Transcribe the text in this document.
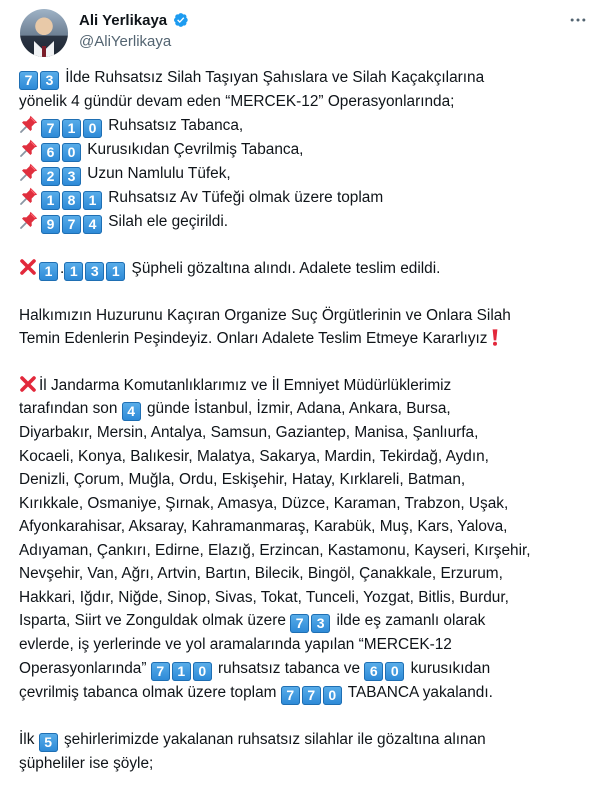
Ali Yerlikaya
@AliYerlikaya
7 3 İlde Ruhsatsız Silah Taşıyan Şahıslara ve Silah Kaçakçılarına
yönelik 4 gündür devam eden “MERCEK-12” Operasyonlarında;
7 1 0 Ruhsatsız Tabanca,
6 0 Kurusıkıdan Çevrilmiş Tabanca,
2 3 Uzun Namlulu Tüfek,
1 8 1 Ruhsatsız Av Tüfeği olmak üzere toplam
9 7 4 Silah ele geçirildi.

1 . 1 3 1 Şüpheli gözaltına alındı. Adalete teslim edildi.

Halkımızın Huzurunu Kaçıran Organize Suç Örgütlerinin ve Onlara Silah
Temin Edenlerin Peşindeyiz. Onları Adalete Teslim Etmeye Kararlıyız

İl Jandarma Komutanlıklarımız ve İl Emniyet Müdürlüklerimiz
tarafından son 4 günde İstanbul, İzmir, Adana, Ankara, Bursa,
Diyarbakır, Mersin, Antalya, Samsun, Gaziantep, Manisa, Şanlıurfa,
Kocaeli, Konya, Balıkesir, Malatya, Sakarya, Mardin, Tekirdağ, Aydın,
Denizli, Çorum, Muğla, Ordu, Eskişehir, Hatay, Kırklareli, Batman,
Kırıkkale, Osmaniye, Şırnak, Amasya, Düzce, Karaman, Trabzon, Uşak,
Afyonkarahisar, Aksaray, Kahramanmaraş, Karabük, Muş, Kars, Yalova,
Adıyaman, Çankırı, Edirne, Elazığ, Erzincan, Kastamonu, Kayseri, Kırşehir,
Nevşehir, Van, Ağrı, Artvin, Bartın, Bilecik, Bingöl, Çanakkale, Erzurum,
Hakkari, Iğdır, Niğde, Sinop, Sivas, Tokat, Tunceli, Yozgat, Bitlis, Burdur,
Isparta, Siirt ve Zonguldak olmak üzere 7 3 ilde eş zamanlı olarak
evlerde, iş yerlerinde ve yol aramalarında yapılan “MERCEK-12
Operasyonlarında” 7 1 0 ruhsatsız tabanca ve 6 0 kurusıkıdan
çevrilmiş tabanca olmak üzere toplam 7 7 0 TABANCA yakalandı.

İlk 5 şehirlerimizde yakalanan ruhsatsız silahlar ile gözaltına alınan
şüpheliler ise şöyle;
